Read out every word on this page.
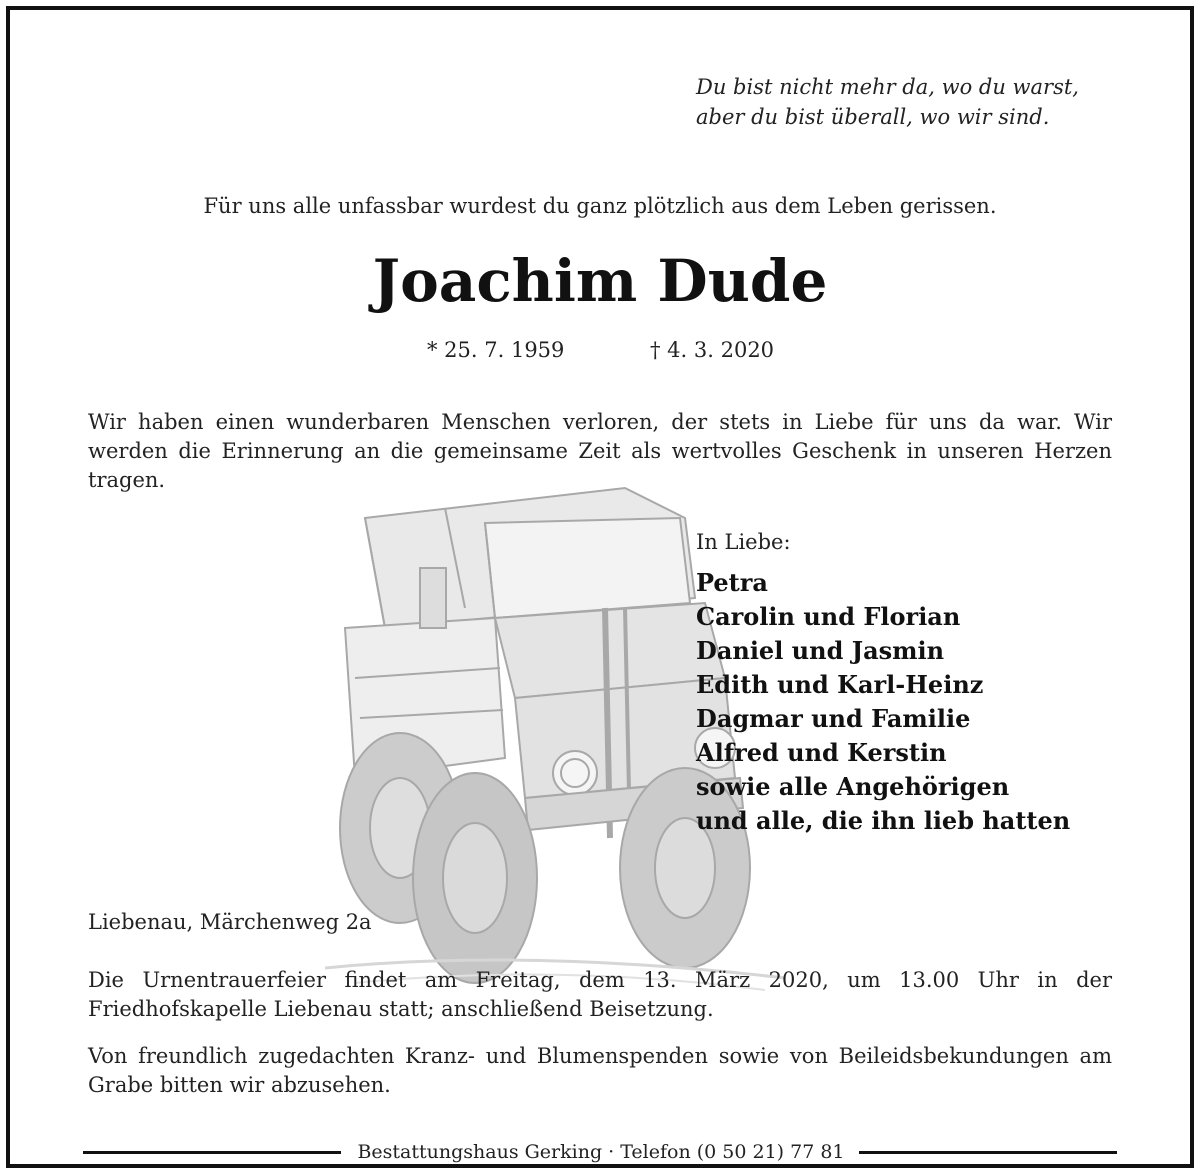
Du bist nicht mehr da, wo du warst,
aber du bist überall, wo wir sind.
Für uns alle unfassbar wurdest du ganz plötzlich aus dem Leben gerissen.
Joachim Dude
* 25. 7. 1959	† 4. 3. 2020
Wir haben einen wunderbaren Menschen verloren, der stets in Liebe für uns da war. Wir werden die Erinnerung an die gemeinsame Zeit als wertvolles Geschenk in unseren Herzen tragen.
In Liebe:
Petra
Carolin und Florian
Daniel und Jasmin
Edith und Karl-Heinz
Dagmar und Familie
Alfred und Kerstin
sowie alle Angehörigen
und alle, die ihn lieb hatten
Liebenau, Märchenweg 2a
Die Urnentrauerfeier findet am Freitag, dem 13. März 2020, um 13.00 Uhr in der Friedhofskapelle Liebenau statt; anschließend Beisetzung.
Von freundlich zugedachten Kranz- und Blumenspenden sowie von Beileidsbekundungen am Grabe bitten wir abzusehen.
Bestattungshaus Gerking · Telefon (0 50 21) 77 81
